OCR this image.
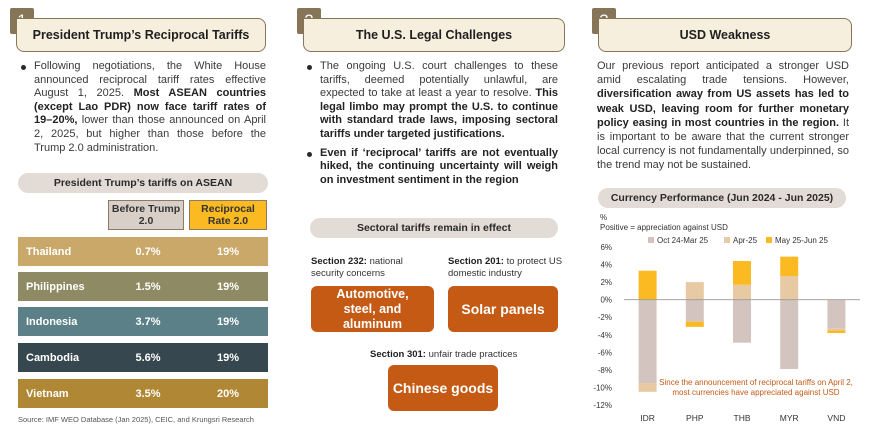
President Trump’s Reciprocal Tariffs
Following negotiations, the White House announced reciprocal tariff rates effective August 1, 2025. Most ASEAN countries (except Lao PDR) now face tariff rates of 19–20%, lower than those announced on April 2, 2025, but higher than those before the Trump 2.0 administration.
President Trump’s tariffs on ASEAN
Before Trump 2.0
Reciprocal Rate 2.0
Thailand	0.7%	19%
Philippines	1.5%	19%
Indonesia	3.7%	19%
Cambodia	5.6%	19%
Vietnam	3.5%	20%
Source: IMF WEO Database (Jan 2025), CEIC, and Krungsri Research
The U.S. Legal Challenges
The ongoing U.S. court challenges to these tariffs, deemed potentially unlawful, are expected to take at least a year to resolve. This legal limbo may prompt the U.S. to continue with standard trade laws, imposing sectoral tariffs under targeted justifications.
Even if ‘reciprocal’ tariffs are not eventually hiked, the continuing uncertainty will weigh on investment sentiment in the region
Sectoral tariffs remain in effect
Section 232: national security concerns
Section 201: to protect US domestic industry
Automotive, steel, and aluminum
Solar panels
Section 301: unfair trade practices
Chinese goods
USD Weakness
Our previous report anticipated a stronger USD amid escalating trade tensions. However, diversification away from US assets has led to weak USD, leaving room for further monetary policy easing in most countries in the region. It is important to be aware that the current stronger local currency is not fundamentally underpinned, so the trend may not be sustained.
Currency Performance (Jun 2024 - Jun 2025)
%
Positive = appreciation against USD
Oct 24-Mar 25	Apr-25 May 25-Jun 25
6%
4%
2%
0%
-2%
-4%
-6%
-8%
-10%
-12%
IDR	PHP	THB	MYR	VND
Since the announcement of reciprocal tariffs on April 2, most currencies have appreciated against USD
